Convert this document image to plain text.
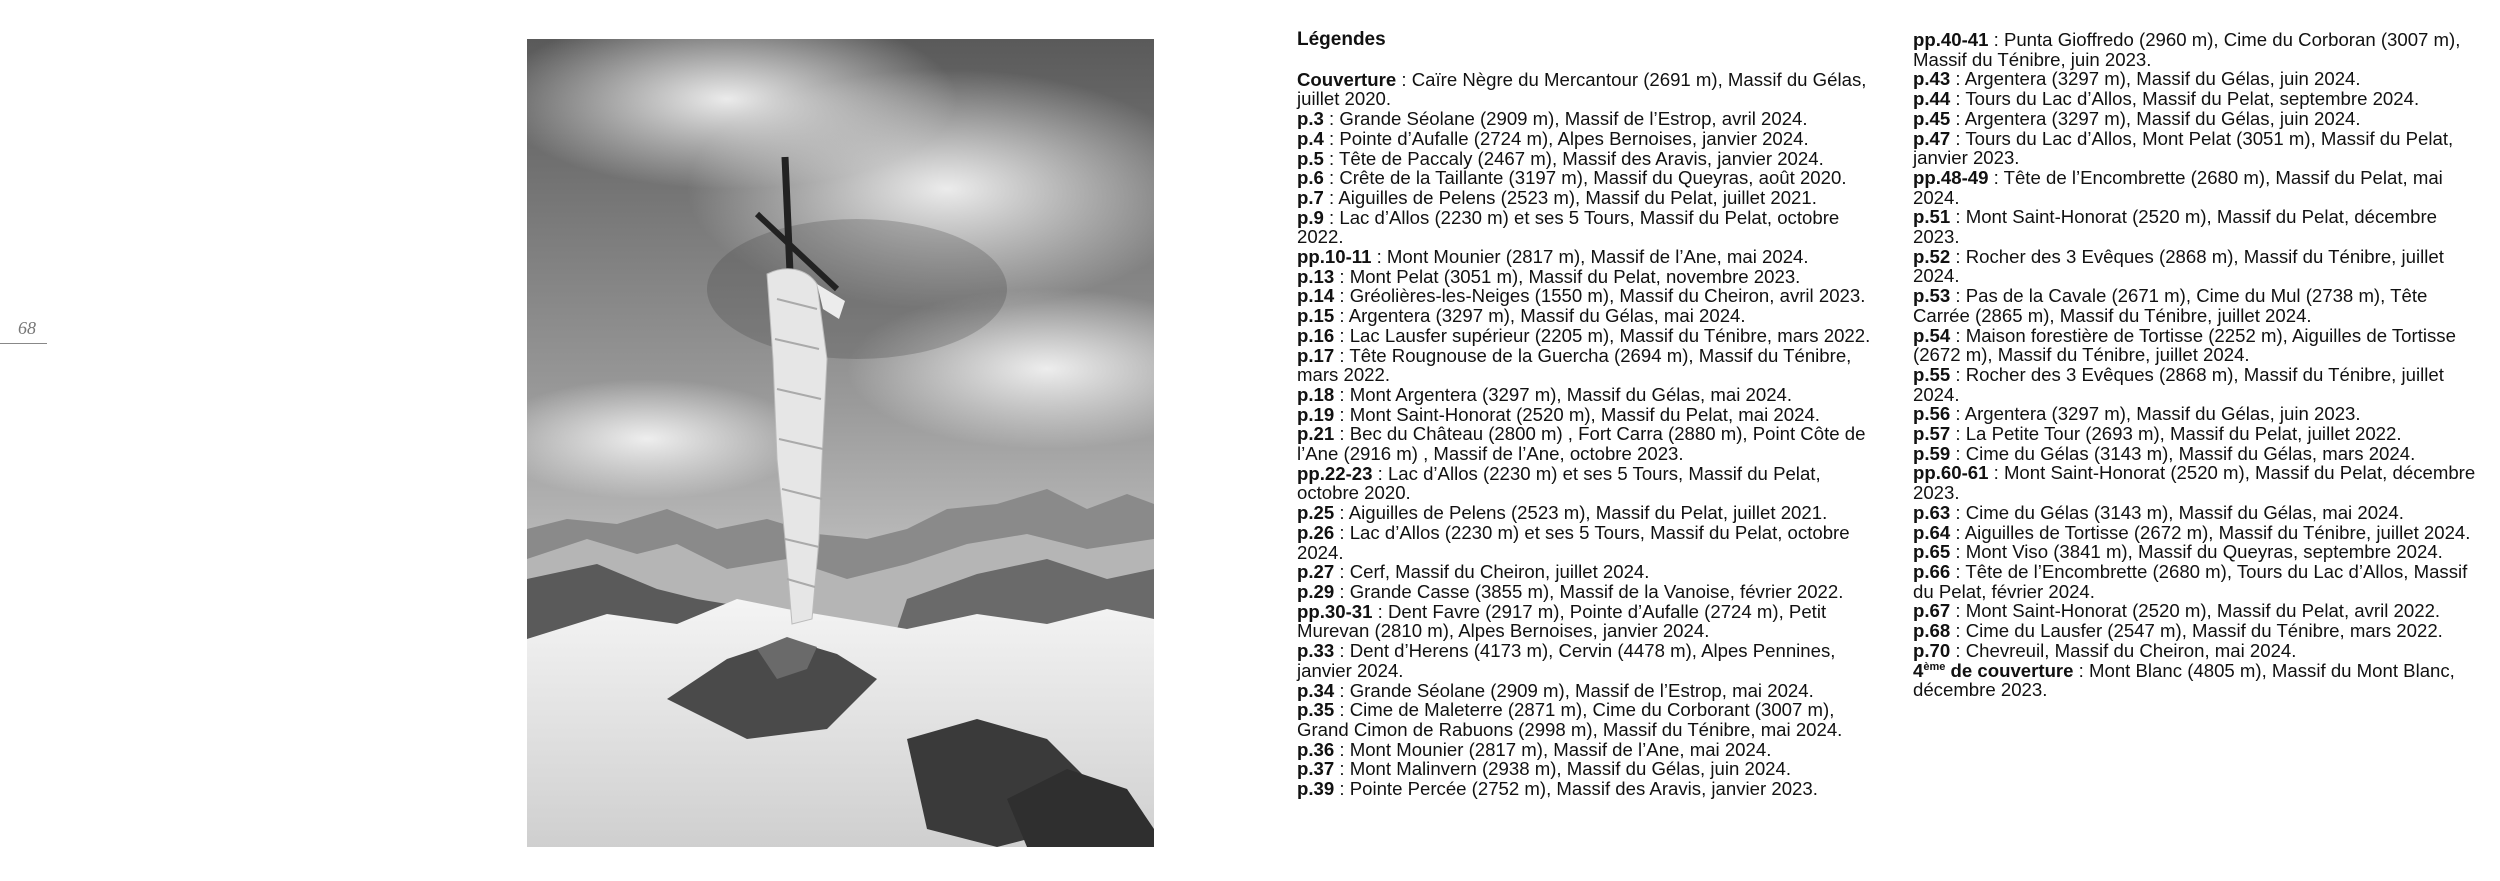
68
Légendes

Couverture : Caïre Nègre du Mercantour (2691 m), Massif du Gélas, juillet 2020.

p.3 : Grande Séolane (2909 m), Massif de l’Estrop, avril 2024.

p.4 : Pointe d’Aufalle (2724 m), Alpes Bernoises, janvier 2024.

p.5 : Tête de Paccaly (2467 m), Massif des Aravis, janvier 2024.

p.6 : Crête de la Taillante (3197 m), Massif du Queyras, août 2020.

p.7 : Aiguilles de Pelens (2523 m), Massif du Pelat, juillet 2021.

p.9 : Lac d’Allos (2230 m) et ses 5 Tours, Massif du Pelat, octobre 2022.

pp.10-11 : Mont Mounier (2817 m), Massif de l’Ane, mai 2024.

p.13 : Mont Pelat (3051 m), Massif du Pelat, novembre 2023.

p.14 : Gréolières-les-Neiges (1550 m), Massif du Cheiron, avril 2023.

p.15 : Argentera (3297 m), Massif du Gélas, mai 2024.

p.16 : Lac Lausfer supérieur (2205 m), Massif du Ténibre, mars 2022.

p.17 : Tête Rougnouse de la Guercha (2694 m), Massif du Ténibre, mars 2022.

p.18 : Mont Argentera (3297 m), Massif du Gélas, mai 2024.

p.19 : Mont Saint-Honorat (2520 m), Massif du Pelat, mai 2024.

p.21 : Bec du Château (2800 m) , Fort Carra (2880 m), Point Côte de l’Ane (2916 m) , Massif de l’Ane, octobre 2023.

pp.22-23 : Lac d’Allos (2230 m) et ses 5 Tours, Massif du Pelat, octobre 2020.

p.25 : Aiguilles de Pelens (2523 m), Massif du Pelat, juillet 2021.

p.26 : Lac d’Allos (2230 m) et ses 5 Tours, Massif du Pelat, octobre 2024.

p.27 : Cerf, Massif du Cheiron, juillet 2024.

p.29 : Grande Casse (3855 m), Massif de la Vanoise, février 2022.

pp.30-31 : Dent Favre (2917 m), Pointe d’Aufalle (2724 m), Petit Murevan (2810 m), Alpes Bernoises, janvier 2024.

p.33 : Dent d’Herens (4173 m), Cervin (4478 m), Alpes Pennines, janvier 2024.

p.34 : Grande Séolane (2909 m), Massif de l’Estrop, mai 2024.

p.35 : Cime de Maleterre (2871 m), Cime du Corborant (3007 m), Grand Cimon de Rabuons (2998 m), Massif du Ténibre, mai 2024.

p.36 : Mont Mounier (2817 m), Massif de l’Ane, mai 2024.

p.37 : Mont Malinvern (2938 m), Massif du Gélas, juin 2024.

p.39 : Pointe Percée (2752 m), Massif des Aravis, janvier 2023.

pp.40-41 : Punta Gioffredo (2960 m), Cime du Corboran (3007 m), Massif du Ténibre, juin 2023.

p.43 : Argentera (3297 m), Massif du Gélas, juin 2024.

p.44 : Tours du Lac d’Allos, Massif du Pelat, septembre 2024.

p.45 : Argentera (3297 m), Massif du Gélas, juin 2024.

p.47 : Tours du Lac d’Allos, Mont Pelat (3051 m), Massif du Pelat, janvier 2023.

pp.48-49 : Tête de l’Encombrette (2680 m), Massif du Pelat, mai 2024.

p.51 : Mont Saint-Honorat (2520 m), Massif du Pelat, décembre 2023.

p.52 : Rocher des 3 Evêques (2868 m), Massif du Ténibre, juillet 2024.

p.53 : Pas de la Cavale (2671 m), Cime du Mul (2738 m), Tête Carrée (2865 m), Massif du Ténibre, juillet 2024.

p.54 : Maison forestière de Tortisse (2252 m), Aiguilles de Tortisse (2672 m), Massif du Ténibre, juillet 2024.

p.55 : Rocher des 3 Evêques (2868 m), Massif du Ténibre, juillet 2024.

p.56 : Argentera (3297 m), Massif du Gélas, juin 2023.

p.57 : La Petite Tour (2693 m), Massif du Pelat, juillet 2022.

p.59 : Cime du Gélas (3143 m), Massif du Gélas, mars 2024.

pp.60-61 : Mont Saint-Honorat (2520 m), Massif du Pelat, décembre 2023.

p.63 : Cime du Gélas (3143 m), Massif du Gélas, mai 2024.

p.64 : Aiguilles de Tortisse (2672 m), Massif du Ténibre, juillet 2024.

p.65 : Mont Viso (3841 m), Massif du Queyras, septembre 2024.

p.66 : Tête de l’Encombrette (2680 m), Tours du Lac d’Allos, Massif du Pelat, février 2024.

p.67 : Mont Saint-Honorat (2520 m), Massif du Pelat, avril 2022.

p.68 : Cime du Lausfer (2547 m), Massif du Ténibre, mars 2022.

p.70 : Chevreuil, Massif du Cheiron, mai 2024.

4ème de couverture : Mont Blanc (4805 m), Massif du Mont Blanc, décembre 2023.
